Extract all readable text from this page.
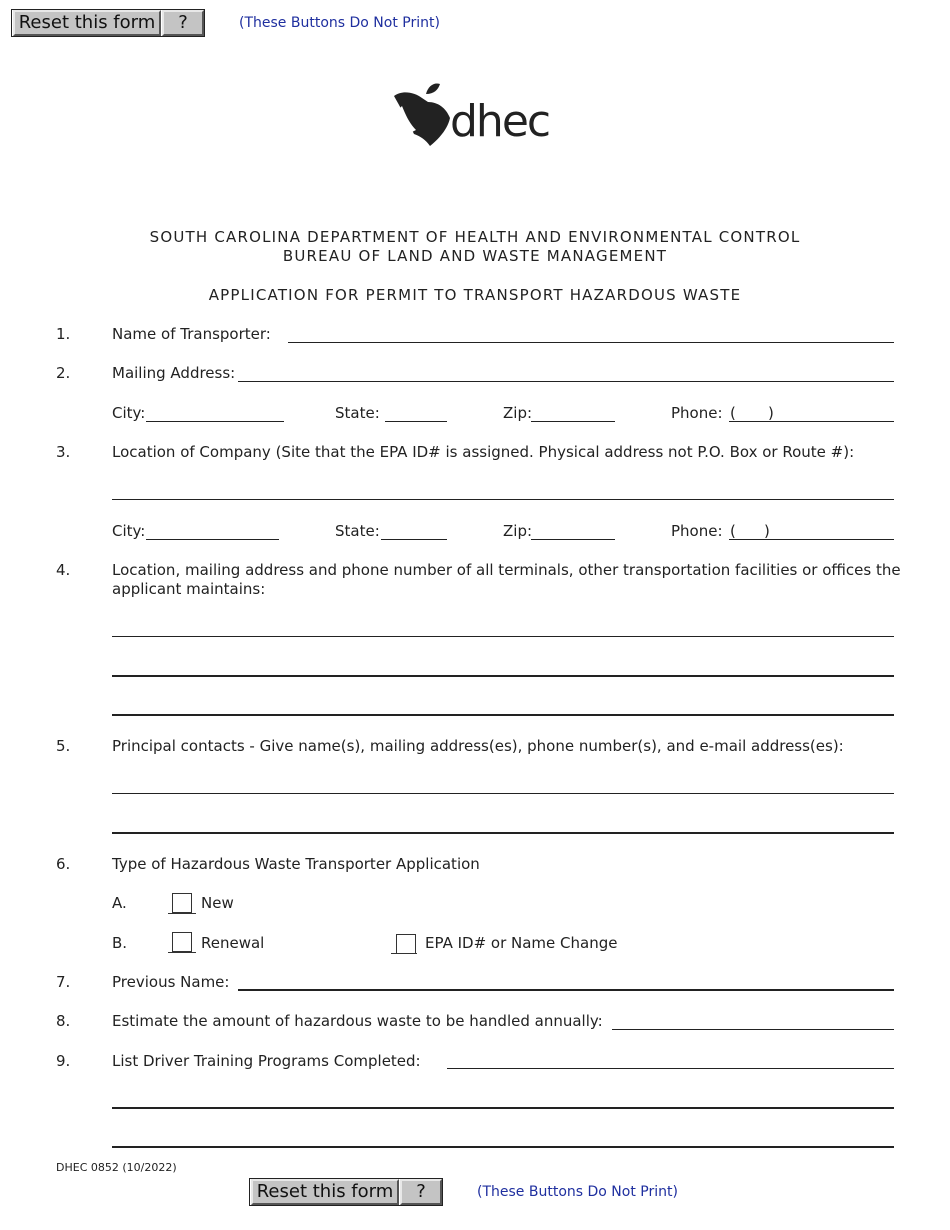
Reset this form	?	(These Buttons Do Not Print)
dhec
SOUTH CAROLINA DEPARTMENT OF HEALTH AND ENVIRONMENTAL CONTROL
BUREAU OF LAND AND WASTE MANAGEMENT
APPLICATION FOR PERMIT TO TRANSPORT HAZARDOUS WASTE
1.	Name of Transporter:
2.	Mailing Address:
City:	State:	Zip:	Phone: ( )
3.	Location of Company (Site that the EPA ID# is assigned. Physical address not P.O. Box or Route #):
City:	State:	Zip:	Phone: ( )
4.	Location, mailing address and phone number of all terminals, other transportation facilities or offices the
applicant maintains:
5.	Principal contacts - Give name(s), mailing address(es), phone number(s), and e-mail address(es):
6.	Type of Hazardous Waste Transporter Application
A.	New
B.	Renewal	EPA ID# or Name Change
7.	Previous Name:
8.	Estimate the amount of hazardous waste to be handled annually:
9.	List Driver Training Programs Completed:
DHEC 0852 (10/2022)
Reset this form	?	(These Buttons Do Not Print)
